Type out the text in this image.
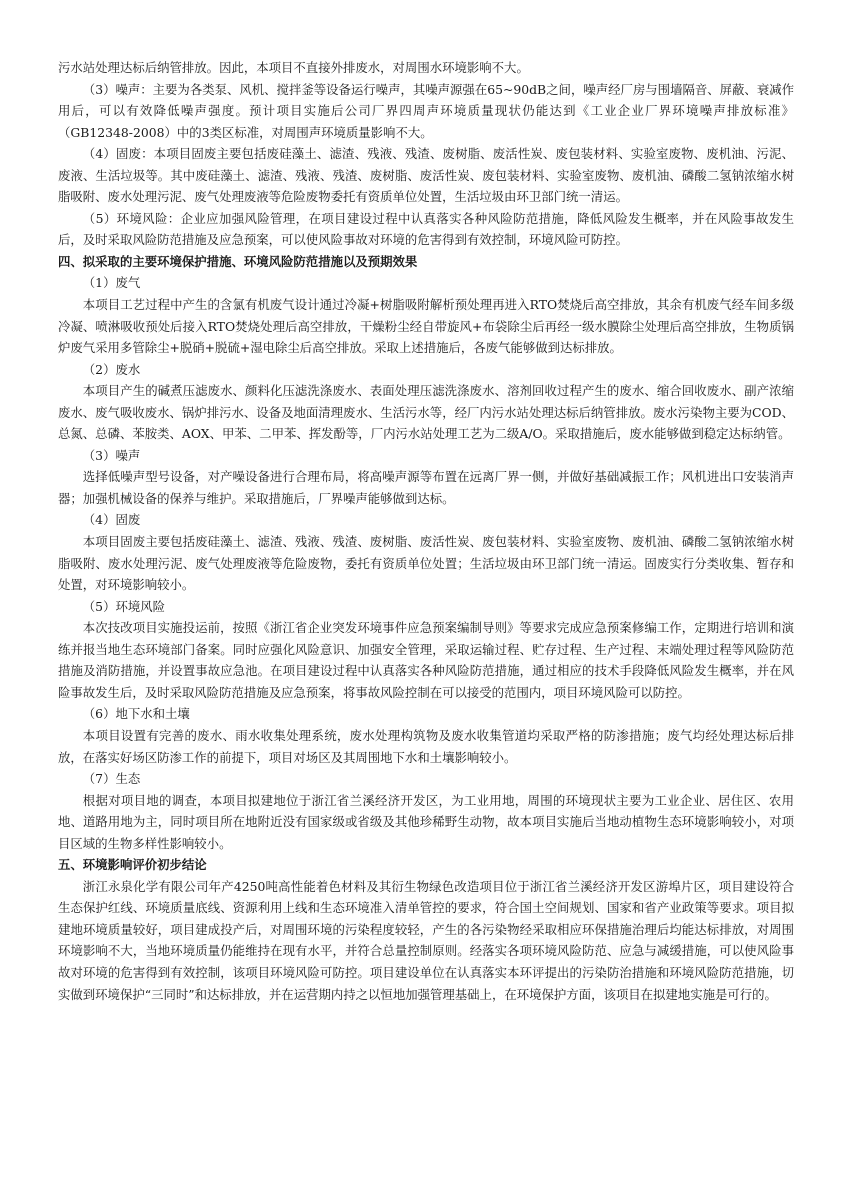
污水站处理达标后纳管排放。因此，本项目不直接外排废水，对周围水环境影响不大。

（3）噪声：主要为各类泵、风机、搅拌釜等设备运行噪声，其噪声源强在65~90dB之间，噪声经厂房与围墙隔音、屏蔽、衰减作用后，可以有效降低噪声强度。预计项目实施后公司厂界四周声环境质量现状仍能达到《工业企业厂界环境噪声排放标准》（GB12348-2008）中的3类区标准，对周围声环境质量影响不大。

（4）固废：本项目固废主要包括废硅藻土、滤渣、残液、残渣、废树脂、废活性炭、废包装材料、实验室废物、废机油、污泥、废液、生活垃圾等。其中废硅藻土、滤渣、残液、残渣、废树脂、废活性炭、废包装材料、实验室废物、废机油、磷酸二氢钠浓缩水树脂吸附、废水处理污泥、废气处理废液等危险废物委托有资质单位处置，生活垃圾由环卫部门统一清运。

（5）环境风险：企业应加强风险管理，在项目建设过程中认真落实各种风险防范措施，降低风险发生概率，并在风险事故发生后，及时采取风险防范措施及应急预案，可以使风险事故对环境的危害得到有效控制，环境风险可防控。

四、拟采取的主要环境保护措施、环境风险防范措施以及预期效果

（1）废气

本项目工艺过程中产生的含氯有机废气设计通过冷凝+树脂吸附解析预处理再进入RTO焚烧后高空排放，其余有机废气经车间多级冷凝、喷淋吸收预处后接入RTO焚烧处理后高空排放，干燥粉尘经自带旋风+布袋除尘后再经一级水膜除尘处理后高空排放，生物质锅炉废气采用多管除尘+脱硝+脱硫+湿电除尘后高空排放。采取上述措施后，各废气能够做到达标排放。

（2）废水

本项目产生的碱煮压滤废水、颜料化压滤洗涤废水、表面处理压滤洗涤废水、溶剂回收过程产生的废水、缩合回收废水、副产浓缩废水、废气吸收废水、锅炉排污水、设备及地面清理废水、生活污水等，经厂内污水站处理达标后纳管排放。废水污染物主要为COD、总氮、总磷、苯胺类、AOX、甲苯、二甲苯、挥发酚等，厂内污水站处理工艺为二级A/O。采取措施后，废水能够做到稳定达标纳管。

（3）噪声

选择低噪声型号设备，对产噪设备进行合理布局，将高噪声源等布置在远离厂界一侧，并做好基础减振工作；风机进出口安装消声器；加强机械设备的保养与维护。采取措施后，厂界噪声能够做到达标。

（4）固废

本项目固废主要包括废硅藻土、滤渣、残液、残渣、废树脂、废活性炭、废包装材料、实验室废物、废机油、磷酸二氢钠浓缩水树脂吸附、废水处理污泥、废气处理废液等危险废物，委托有资质单位处置；生活垃圾由环卫部门统一清运。固废实行分类收集、暂存和处置，对环境影响较小。

（5）环境风险

本次技改项目实施投运前，按照《浙江省企业突发环境事件应急预案编制导则》等要求完成应急预案修编工作，定期进行培训和演练并报当地生态环境部门备案。同时应强化风险意识、加强安全管理，采取运输过程、贮存过程、生产过程、末端处理过程等风险防范措施及消防措施，并设置事故应急池。在项目建设过程中认真落实各种风险防范措施，通过相应的技术手段降低风险发生概率，并在风险事故发生后，及时采取风险防范措施及应急预案，将事故风险控制在可以接受的范围内，项目环境风险可以防控。

（6）地下水和土壤

本项目设置有完善的废水、雨水收集处理系统，废水处理构筑物及废水收集管道均采取严格的防渗措施；废气均经处理达标后排放，在落实好场区防渗工作的前提下，项目对场区及其周围地下水和土壤影响较小。

（7）生态

根据对项目地的调查，本项目拟建地位于浙江省兰溪经济开发区，为工业用地，周围的环境现状主要为工业企业、居住区、农用地、道路用地为主，同时项目所在地附近没有国家级或省级及其他珍稀野生动物，故本项目实施后当地动植物生态环境影响较小，对项目区域的生物多样性影响较小。

五、环境影响评价初步结论

浙江永泉化学有限公司年产4250吨高性能着色材料及其衍生物绿色改造项目位于浙江省兰溪经济开发区游埠片区，项目建设符合生态保护红线、环境质量底线、资源利用上线和生态环境准入清单管控的要求，符合国土空间规划、国家和省产业政策等要求。项目拟建地环境质量较好，项目建成投产后，对周围环境的污染程度较轻，产生的各污染物经采取相应环保措施治理后均能达标排放，对周围环境影响不大，当地环境质量仍能维持在现有水平，并符合总量控制原则。经落实各项环境风险防范、应急与减缓措施，可以使风险事故对环境的危害得到有效控制，该项目环境风险可防控。项目建设单位在认真落实本环评提出的污染防治措施和环境风险防范措施，切实做到环境保护“三同时”和达标排放，并在运营期内持之以恒地加强管理基础上，在环境保护方面，该项目在拟建地实施是可行的。
